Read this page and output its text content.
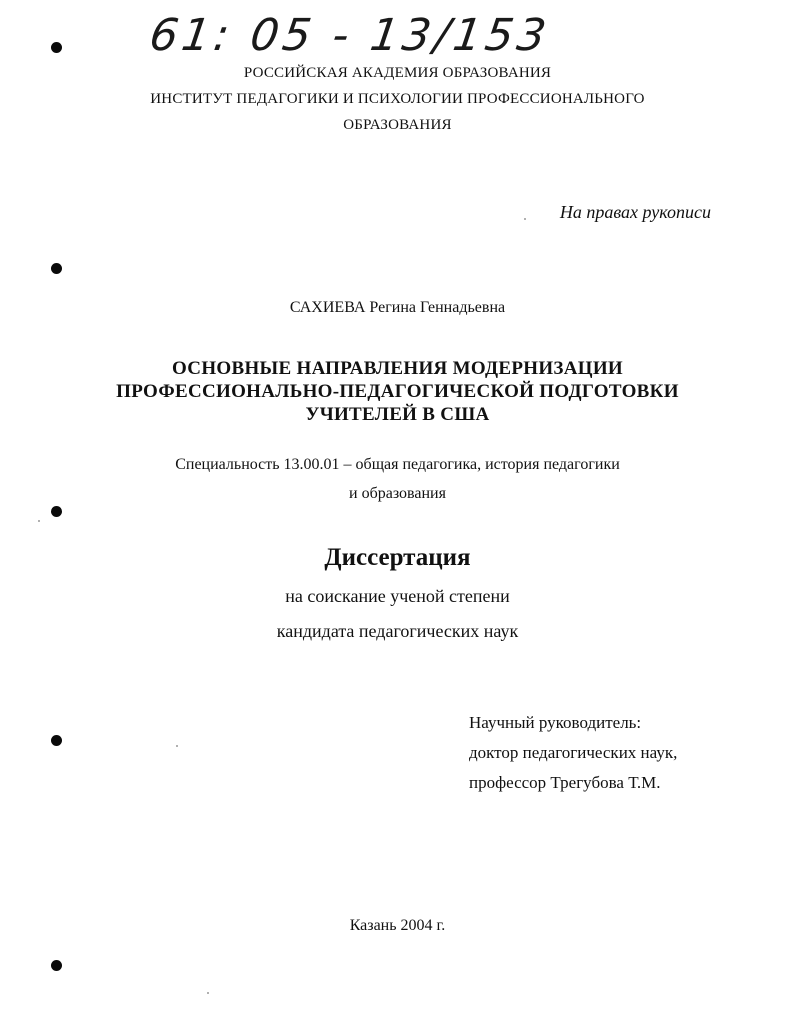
61: 05 - 13/153
РОССИЙСКАЯ АКАДЕМИЯ ОБРАЗОВАНИЯ
ИНСТИТУТ ПЕДАГОГИКИ И ПСИХОЛОГИИ ПРОФЕССИОНАЛЬНОГО
ОБРАЗОВАНИЯ
На правах рукописи
САХИЕВА Регина Геннадьевна
ОСНОВНЫЕ НАПРАВЛЕНИЯ МОДЕРНИЗАЦИИ
ПРОФЕССИОНАЛЬНО-ПЕДАГОГИЧЕСКОЙ ПОДГОТОВКИ
УЧИТЕЛЕЙ В США
Специальность 13.00.01 – общая педагогика, история педагогики
и образования
Диссертация
на соискание ученой степени
кандидата педагогических наук
Научный руководитель:
доктор педагогических наук,
профессор Трегубова Т.М.
Казань 2004 г.
